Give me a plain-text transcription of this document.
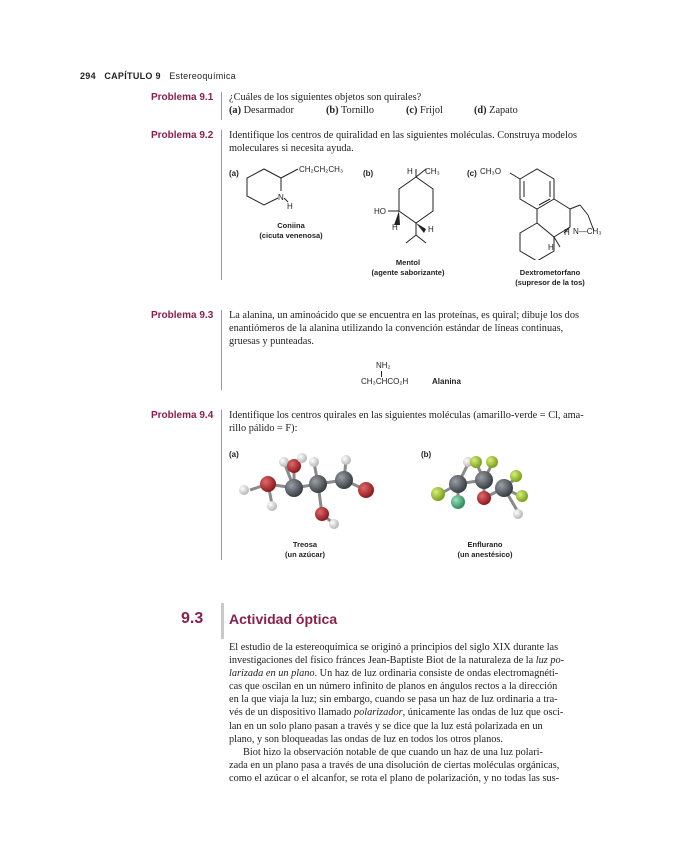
294 CAPÍTULO 9 Estereoquímica
Problema 9.1 ¿Cuáles de los siguientes objetos son quirales?
(a) Desarmador	(b) Tornillo	(c) Frijol	(d) Zapato
Problema 9.2 Identifique los centros de quiralidad en las siguientes moléculas. Construya modelos
moleculares si necesita ayuda.
(a)	CH₂CH₂CH₃
N
H
Coniina
(cicuta venenosa)
(b)	H CH₃
HO
H	H
Mentol
(agente saborizante)
(c) CH₃O
H N—CH₃
H
Dextrometorfano
(supresor de la tos)
Problema 9.3 La alanina, un aminoácido que se encuentra en las proteínas, es quiral; dibuje los dos
enantiómeros de la alanina utilizando la convención estándar de líneas continuas,
gruesas y punteadas.
NH₂
CH₃CHCO₂H	Alanina
Problema 9.4 Identifique los centros quirales en las siguientes moléculas (amarillo-verde = Cl, ama-
rillo pálido = F):
(a)
Treosa
(un azúcar)
(b)
Enflurano
(un anestésico)
9.3 Actividad óptica

El estudio de la estereoquímica se originó a principios del siglo XIX durante las

investigaciones del físico fránces Jean-Baptiste Biot de la naturaleza de la luz po-

larizada en un plano. Un haz de luz ordinaria consiste de ondas electromagnéti-

cas que oscilan en un número infinito de planos en ángulos rectos a la dirección

en la que viaja la luz; sin embargo, cuando se pasa un haz de luz ordinaria a tra-

vés de un dispositivo llamado polarizador, únicamente las ondas de luz que osci-

lan en un solo plano pasan a través y se dice que la luz está polarizada en un

plano, y son bloqueadas las ondas de luz en todos los otros planos.

Biot hizo la observación notable de que cuando un haz de una luz polari-

zada en un plano pasa a través de una disolución de ciertas moléculas orgánicas,

como el azúcar o el alcanfor, se rota el plano de polarización, y no todas las sus-
